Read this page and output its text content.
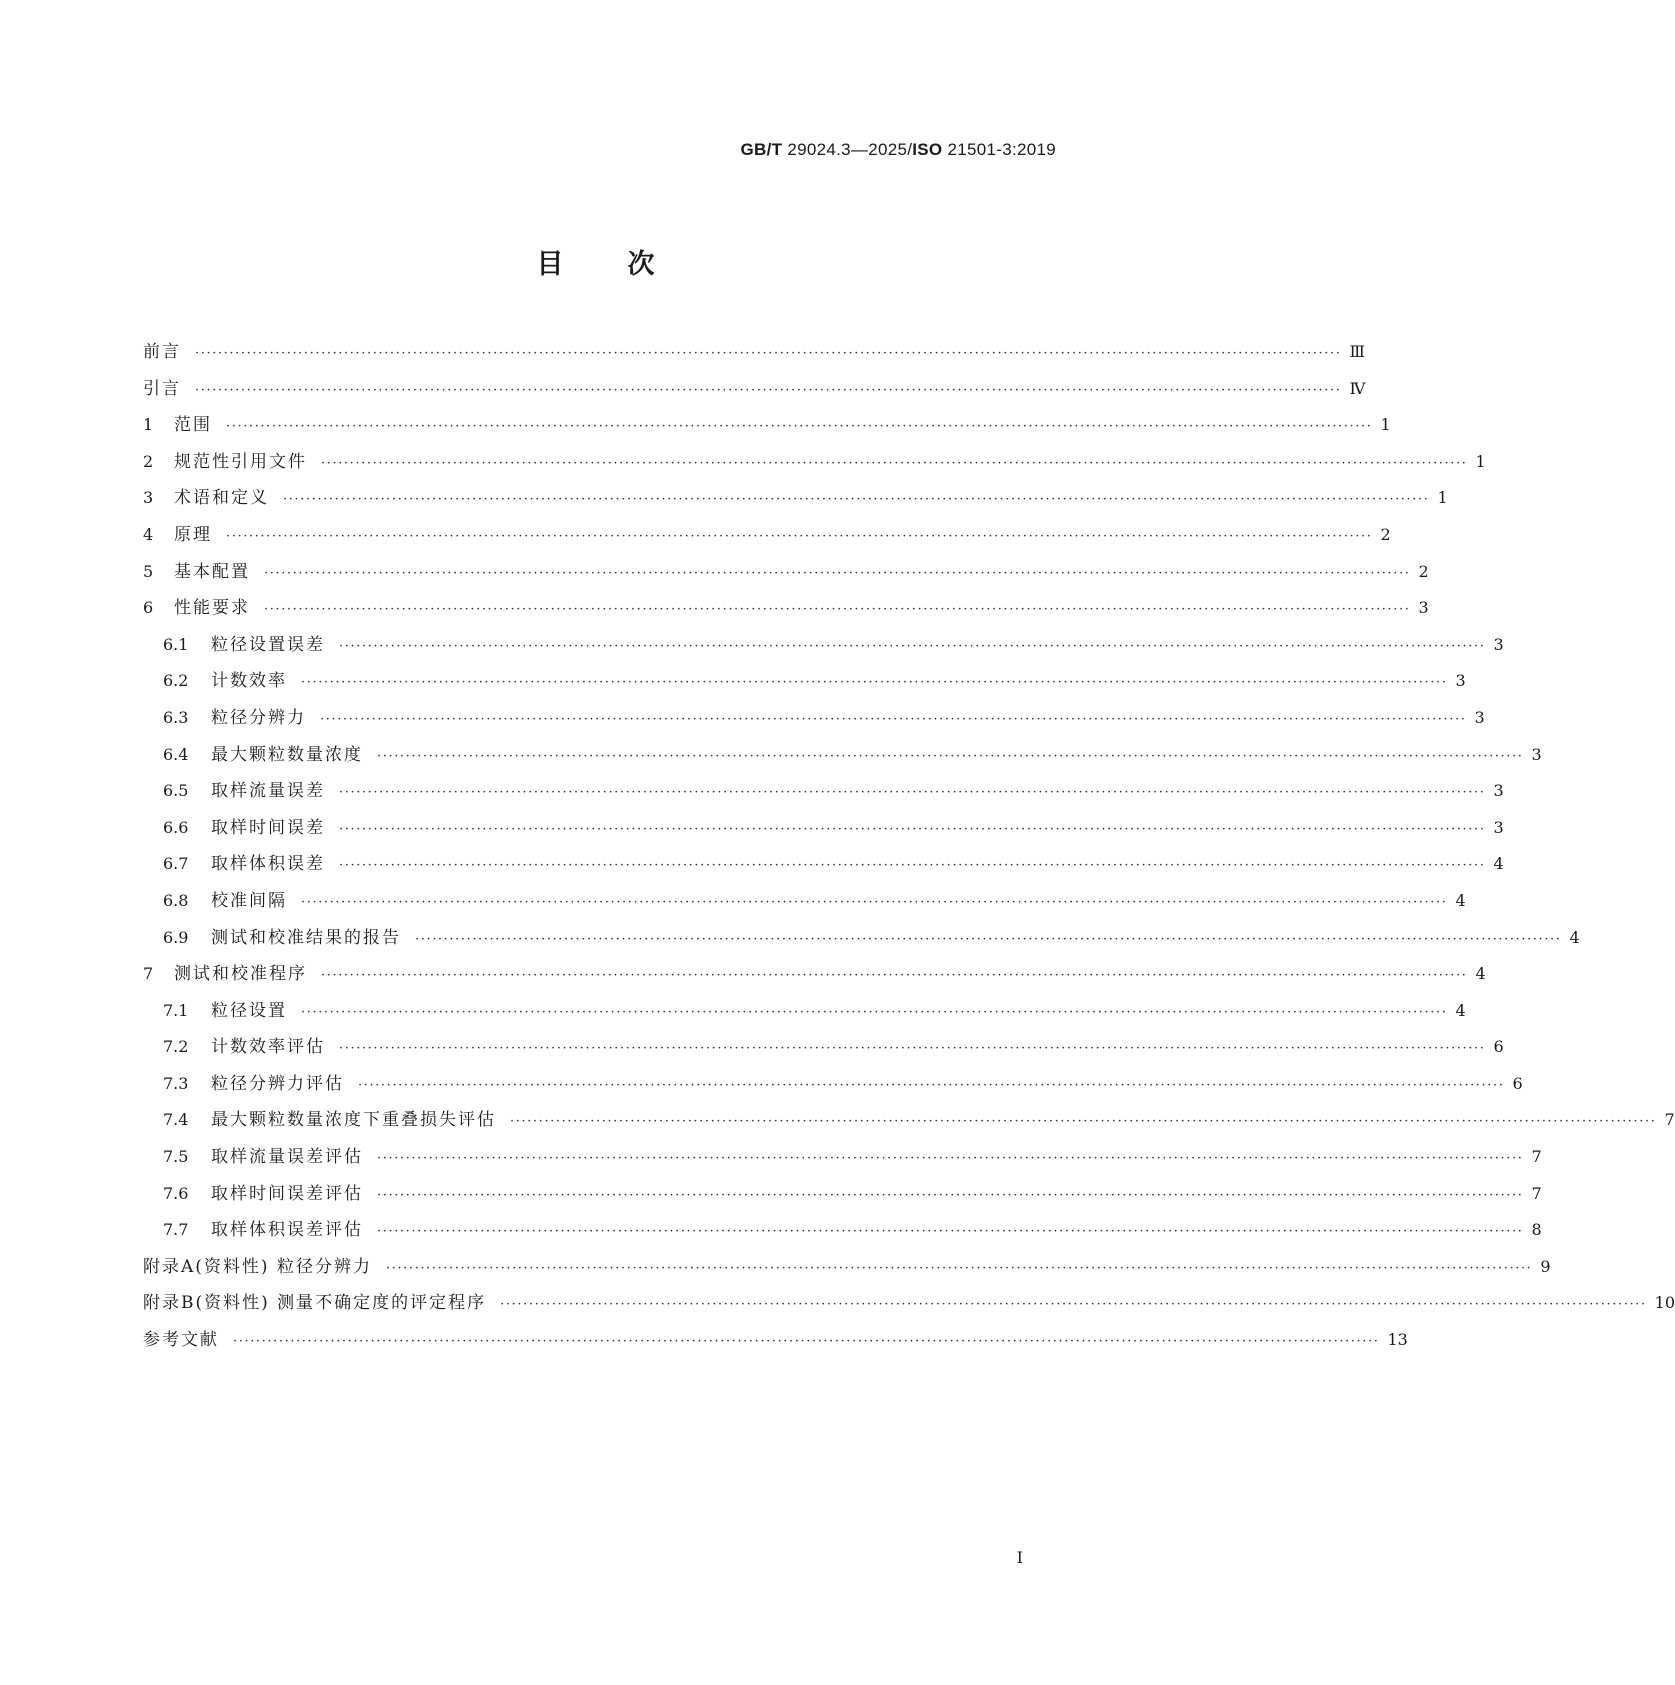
GB/T 29024.3—2025/ISO 21501-3:2019
目次
前言 ········································································································································································································ Ⅲ
引言 ········································································································································································································ Ⅳ
1	范围 ········································································································································································································ 1
2	规范性引用文件 ········································································································································································································ 1
3	术语和定义 ········································································································································································································ 1
4	原理 ········································································································································································································ 2
5	基本配置 ········································································································································································································ 2
6	性能要求 ········································································································································································································ 3
6.1	粒径设置误差 ········································································································································································································ 3
6.2	计数效率 ········································································································································································································ 3
6.3	粒径分辨力 ········································································································································································································ 3
6.4	最大颗粒数量浓度 ········································································································································································································ 3
6.5	取样流量误差 ········································································································································································································ 3
6.6	取样时间误差 ········································································································································································································ 3
6.7	取样体积误差 ········································································································································································································ 4
6.8	校准间隔 ········································································································································································································ 4
6.9	测试和校准结果的报告 ········································································································································································································ 4
7	测试和校准程序 ········································································································································································································ 4
7.1	粒径设置 ········································································································································································································ 4
7.2	计数效率评估 ········································································································································································································ 6
7.3	粒径分辨力评估 ········································································································································································································ 6
7.4	最大颗粒数量浓度下重叠损失评估 ········································································································································································································ 7
7.5	取样流量误差评估 ········································································································································································································ 7
7.6	取样时间误差评估 ········································································································································································································ 7
7.7	取样体积误差评估 ········································································································································································································ 8
附录A(资料性) 粒径分辨力 ········································································································································································································ 9
附录B(资料性) 测量不确定度的评定程序 ········································································································································································································ 10
参考文献 ········································································································································································································ 13
Ⅰ
